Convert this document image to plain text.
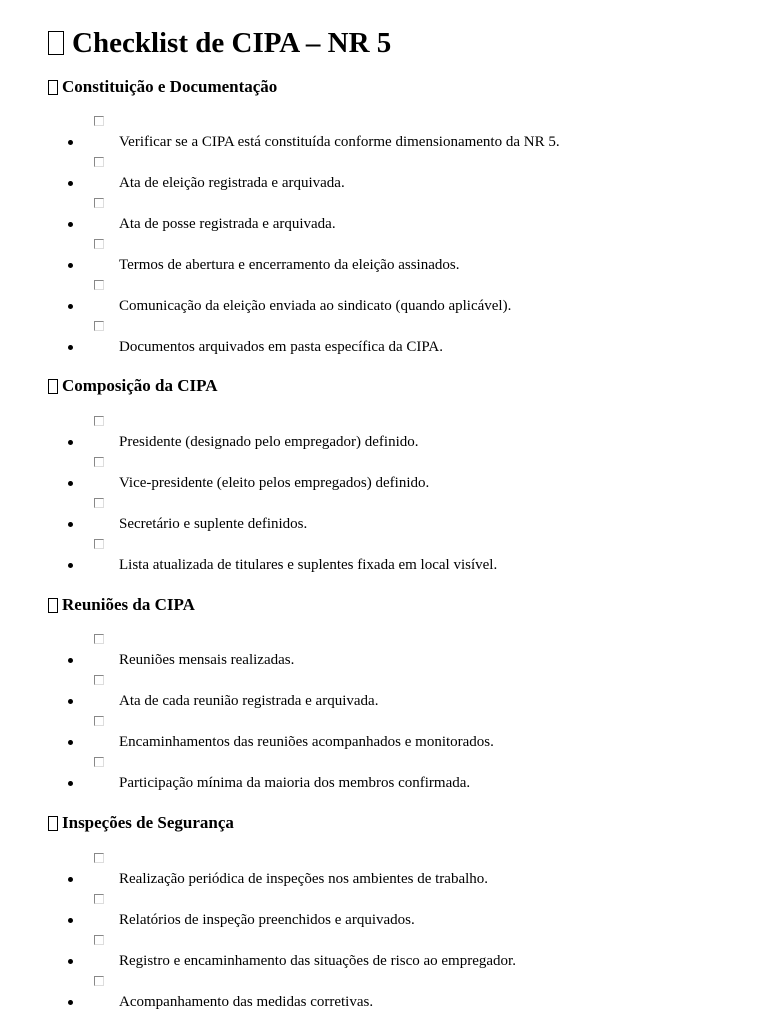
Checklist de CIPA – NR 5
Constituição e Documentação
Verificar se a CIPA está constituída conforme dimensionamento da NR 5.
Ata de eleição registrada e arquivada.
Ata de posse registrada e arquivada.
Termos de abertura e encerramento da eleição assinados.
Comunicação da eleição enviada ao sindicato (quando aplicável).
Documentos arquivados em pasta específica da CIPA.
Composição da CIPA
Presidente (designado pelo empregador) definido.
Vice-presidente (eleito pelos empregados) definido.
Secretário e suplente definidos.
Lista atualizada de titulares e suplentes fixada em local visível.
Reuniões da CIPA
Reuniões mensais realizadas.
Ata de cada reunião registrada e arquivada.
Encaminhamentos das reuniões acompanhados e monitorados.
Participação mínima da maioria dos membros confirmada.
Inspeções de Segurança
Realização periódica de inspeções nos ambientes de trabalho.
Relatórios de inspeção preenchidos e arquivados.
Registro e encaminhamento das situações de risco ao empregador.
Acompanhamento das medidas corretivas.
